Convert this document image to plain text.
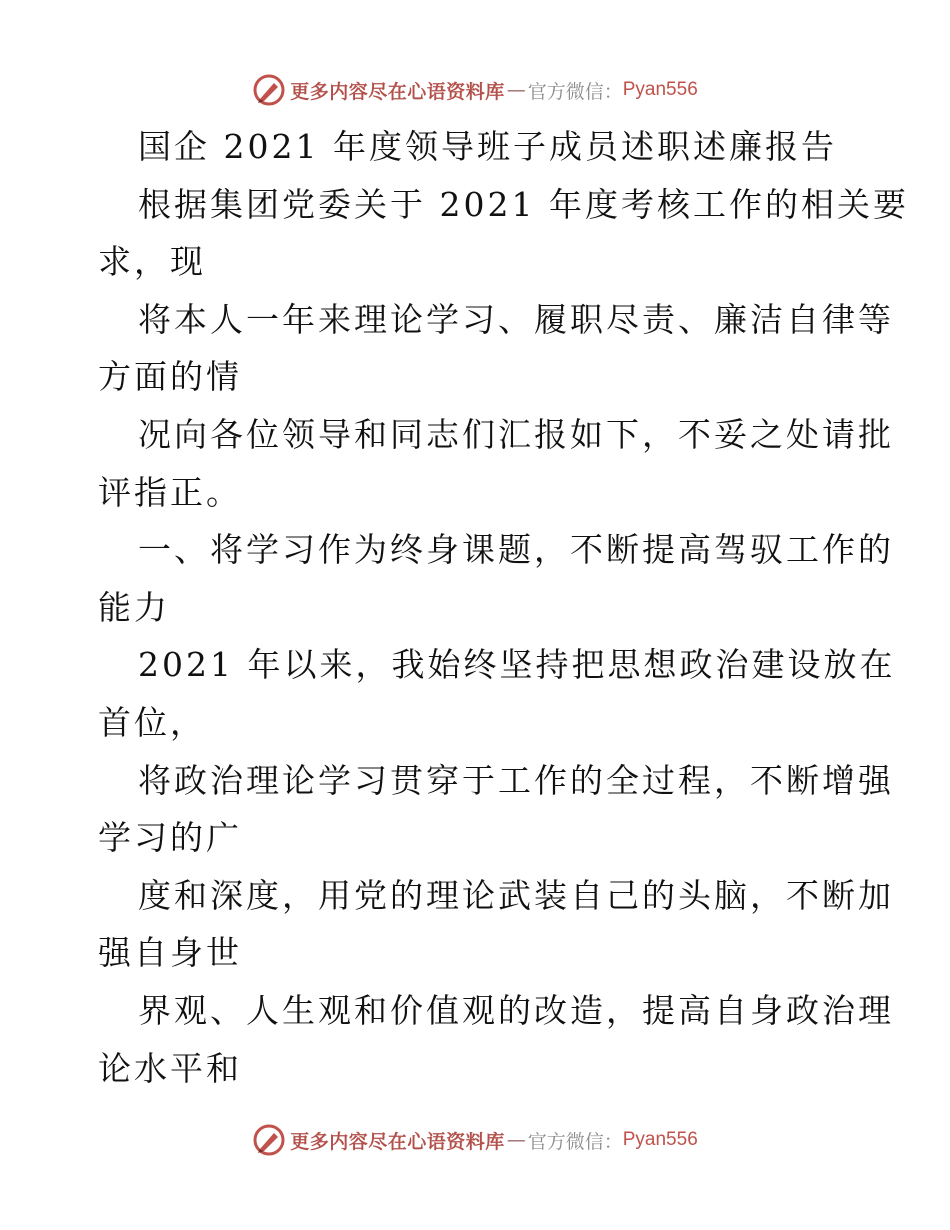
更多内容尽在心语资料库 — 官方微信： Pyan556
国企 2021 年度领导班子成员述职述廉报告
根据集团党委关于 2021 年度考核工作的相关要
求，现
将本人一年来理论学习、履职尽责、廉洁自律等
方面的情
况向各位领导和同志们汇报如下，不妥之处请批
评指正。
一、将学习作为终身课题，不断提高驾驭工作的
能力
2021 年以来，我始终坚持把思想政治建设放在
首位，
将政治理论学习贯穿于工作的全过程，不断增强
学习的广
度和深度，用党的理论武装自己的头脑，不断加
强自身世
界观、人生观和价值观的改造，提高自身政治理
论水平和
更多内容尽在心语资料库 — 官方微信： Pyan556
